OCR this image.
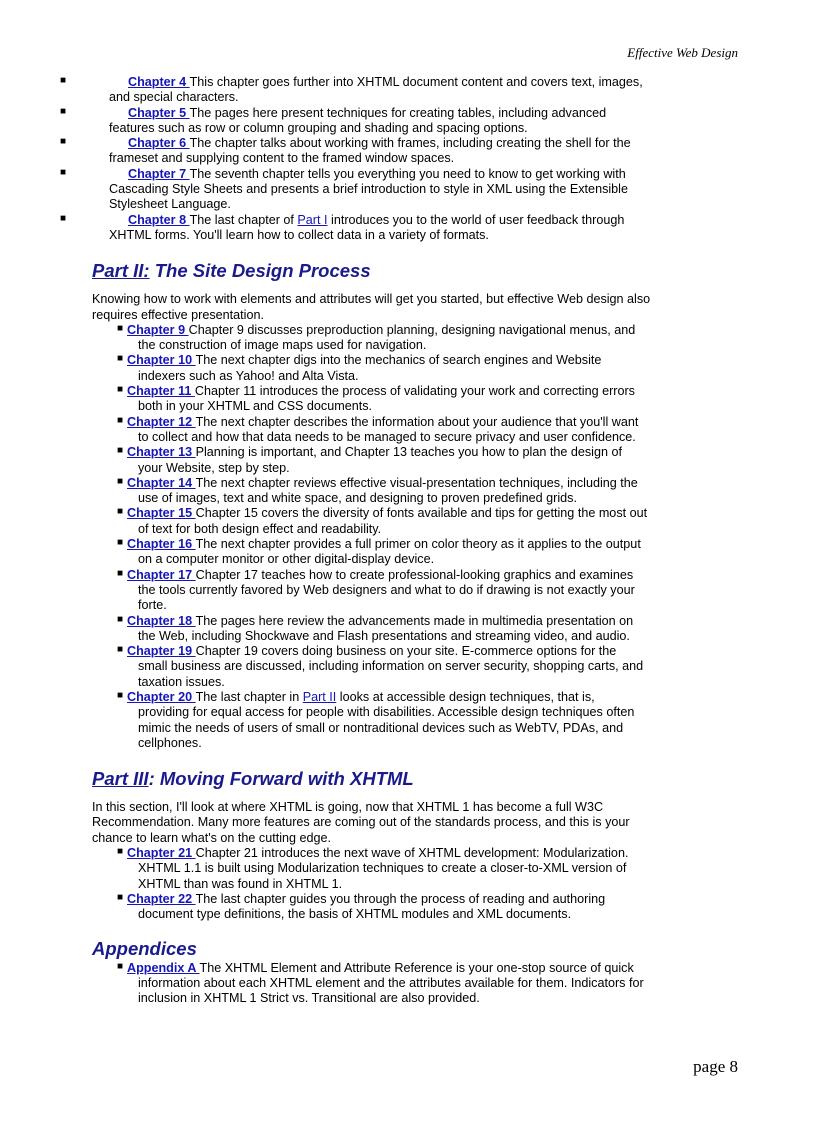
Effective Web Design
■	Chapter 4 This chapter goes further into XHTML document content and covers text, images,
and special characters.
■	Chapter 5 The pages here present techniques for creating tables, including advanced
features such as row or column grouping and shading and spacing options.
■	Chapter 6 The chapter talks about working with frames, including creating the shell for the
frameset and supplying content to the framed window spaces.
■	Chapter 7 The seventh chapter tells you everything you need to know to get working with
Cascading Style Sheets and presents a brief introduction to style in XML using the Extensible
Stylesheet Language.
■	Chapter 8 The last chapter of Part I introduces you to the world of user feedback through
XHTML forms. You'll learn how to collect data in a variety of formats.
Part II: The Site Design Process
Knowing how to work with elements and attributes will get you started, but effective Web design also
requires effective presentation.
■ Chapter 9 Chapter 9 discusses preproduction planning, designing navigational menus, and
the construction of image maps used for navigation.
■ Chapter 10 The next chapter digs into the mechanics of search engines and Website
indexers such as Yahoo! and Alta Vista.
■ Chapter 11 Chapter 11 introduces the process of validating your work and correcting errors
both in your XHTML and CSS documents.
■ Chapter 12 The next chapter describes the information about your audience that you'll want
to collect and how that data needs to be managed to secure privacy and user confidence.
■ Chapter 13 Planning is important, and Chapter 13 teaches you how to plan the design of
your Website, step by step.
■ Chapter 14 The next chapter reviews effective visual-presentation techniques, including the
use of images, text and white space, and designing to proven predefined grids.
■ Chapter 15 Chapter 15 covers the diversity of fonts available and tips for getting the most out
of text for both design effect and readability.
■ Chapter 16 The next chapter provides a full primer on color theory as it applies to the output
on a computer monitor or other digital-display device.
■ Chapter 17 Chapter 17 teaches how to create professional-looking graphics and examines
the tools currently favored by Web designers and what to do if drawing is not exactly your
forte.
■ Chapter 18 The pages here review the advancements made in multimedia presentation on
the Web, including Shockwave and Flash presentations and streaming video, and audio.
■ Chapter 19 Chapter 19 covers doing business on your site. E-commerce options for the
small business are discussed, including information on server security, shopping carts, and
taxation issues.
■ Chapter 20 The last chapter in Part II looks at accessible design techniques, that is,
providing for equal access for people with disabilities. Accessible design techniques often
mimic the needs of users of small or nontraditional devices such as WebTV, PDAs, and
cellphones.
Part III: Moving Forward with XHTML
In this section, I'll look at where XHTML is going, now that XHTML 1 has become a full W3C
Recommendation. Many more features are coming out of the standards process, and this is your
chance to learn what's on the cutting edge.
■ Chapter 21 Chapter 21 introduces the next wave of XHTML development: Modularization.
XHTML 1.1 is built using Modularization techniques to create a closer-to-XML version of
XHTML than was found in XHTML 1.
■ Chapter 22 The last chapter guides you through the process of reading and authoring
document type definitions, the basis of XHTML modules and XML documents.
Appendices
■ Appendix A The XHTML Element and Attribute Reference is your one-stop source of quick
information about each XHTML element and the attributes available for them. Indicators for
inclusion in XHTML 1 Strict vs. Transitional are also provided.
page 8
